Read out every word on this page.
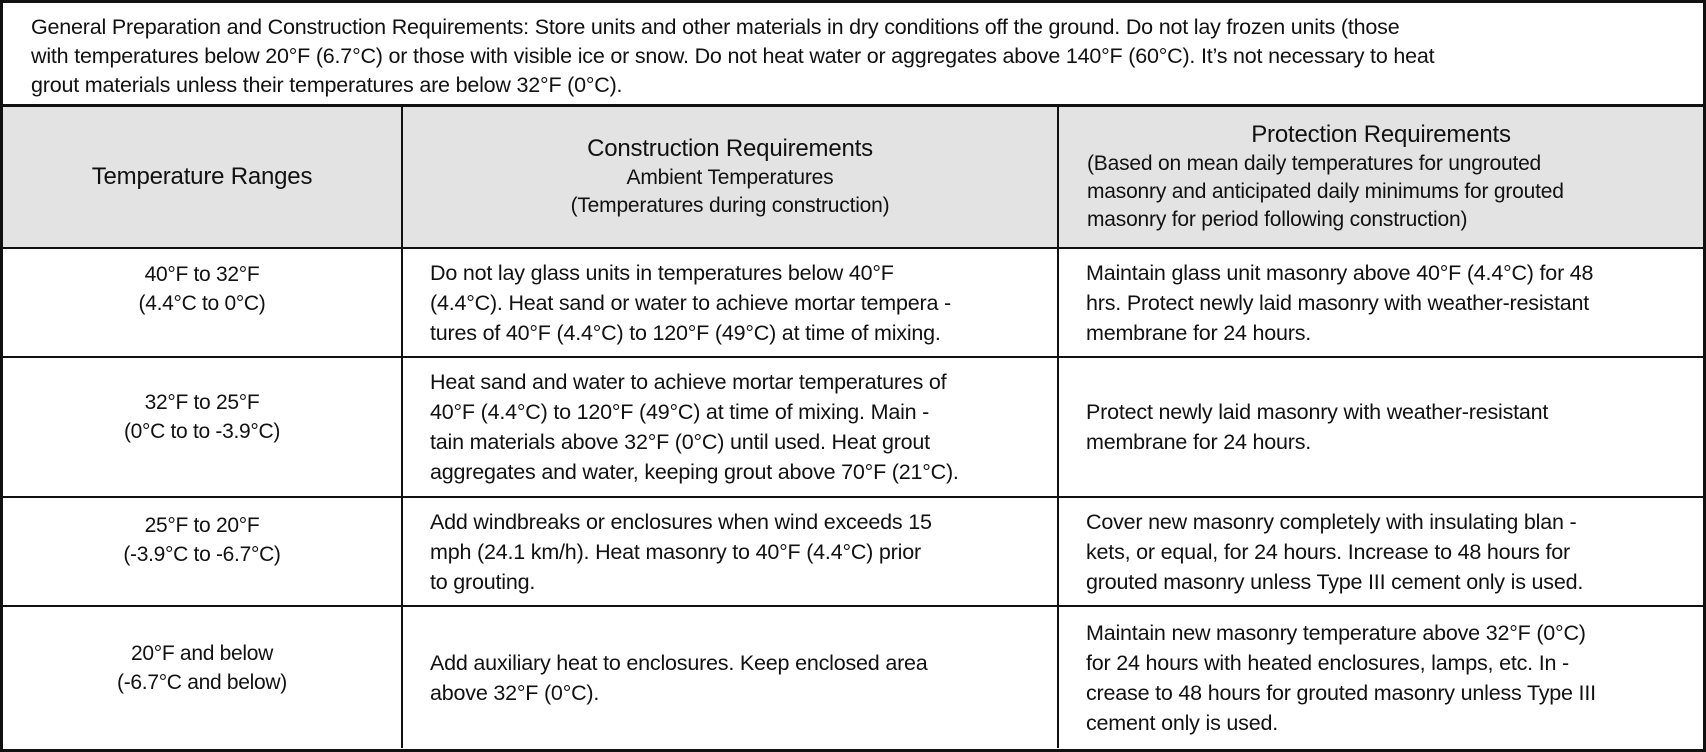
General Preparation and Construction Requirements: Store units and other materials in dry conditions off the ground. Do not lay frozen units (those
with temperatures below 20°F (6.7°C) or those with visible ice or snow. Do not heat water or aggregates above 140°F (60°C). It’s not necessary to heat
grout materials unless their temperatures are below 32°F (0°C).
Temperature Ranges	Construction Requirements
Ambient Temperatures
(Temperatures during construction)	Protection Requirements
(Based on mean daily temperatures for ungrouted
masonry and anticipated daily minimums for grouted
masonry for period following construction)

40°F to 32°F
(4.4°C to 0°C)	Do not lay glass units in temperatures below 40°F
(4.4°C). Heat sand or water to achieve mortar tempera -
tures of 40°F (4.4°C) to 120°F (49°C) at time of mixing.	Maintain glass unit masonry above 40°F (4.4°C) for 48
hrs. Protect newly laid masonry with weather-resistant
membrane for 24 hours.

32°F to 25°F
(0°C to to -3.9°C)	Heat sand and water to achieve mortar temperatures of
40°F (4.4°C) to 120°F (49°C) at time of mixing. Main -
tain materials above 32°F (0°C) until used. Heat grout
aggregates and water, keeping grout above 70°F (21°C).	Protect newly laid masonry with weather-resistant
membrane for 24 hours.

25°F to 20°F
(-3.9°C to -6.7°C)	Add windbreaks or enclosures when wind exceeds 15
mph (24.1 km/h). Heat masonry to 40°F (4.4°C) prior
to grouting.	Cover new masonry completely with insulating blan -
kets, or equal, for 24 hours. Increase to 48 hours for
grouted masonry unless Type III cement only is used.

20°F and below
(-6.7°C and below)	Add auxiliary heat to enclosures. Keep enclosed area
above 32°F (0°C).	Maintain new masonry temperature above 32°F (0°C)
for 24 hours with heated enclosures, lamps, etc. In -
crease to 48 hours for grouted masonry unless Type III
cement only is used.
